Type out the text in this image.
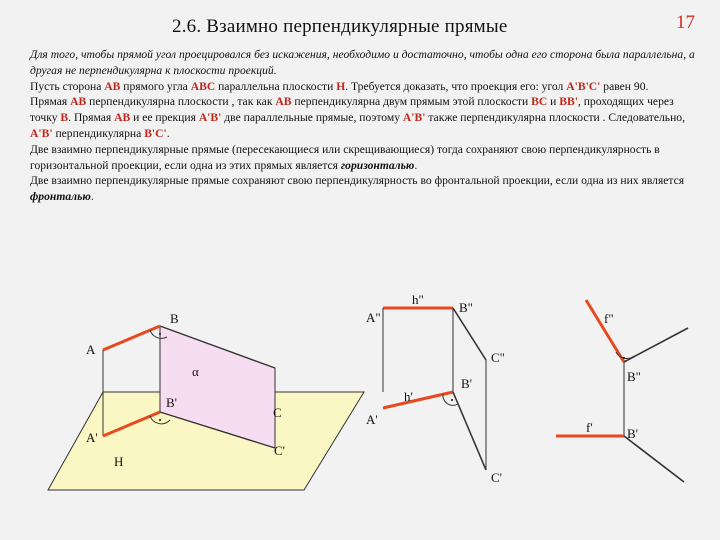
2.6. Взаимно перпендикулярные прямые	17

Для того, чтобы прямой угол проецировался без искажения, необходимо и достаточно, чтобы одна его сторона была параллельна, а другая не перпендикулярна к плоскости проекций.

Пусть сторона AB прямого угла ABC параллельна плоскости H. Требуется доказать, что проекция его: угол A'B'C' равен 90.

Прямая AB перпендикулярна плоскости , так как AB перпендикулярна двум прямым этой плоскости BC и BB', проходящих через точку B. Прямая AB и ее прекция A'B' две параллельные прямые, поэтому A'B' также перпендикулярна плоскости . Следовательно, A'B' перпендикулярна B'C'.

Две взаимно перпендикулярные прямые (пересекающиеся или скрещивающиеся) тогда сохраняют свою перпендикулярность в горизонтальной проекции, если одна из этих прямых является горизонталью.

Две взаимно перпендикулярные прямые сохраняют свою перпендикулярность во фронтальной проекции, если одна из них является фронталью.

B
A
α
B'
C
A'
C'
H
A"
h"
B"
C"
B'
h'
A'
C'
f"
B"
f'	B'
